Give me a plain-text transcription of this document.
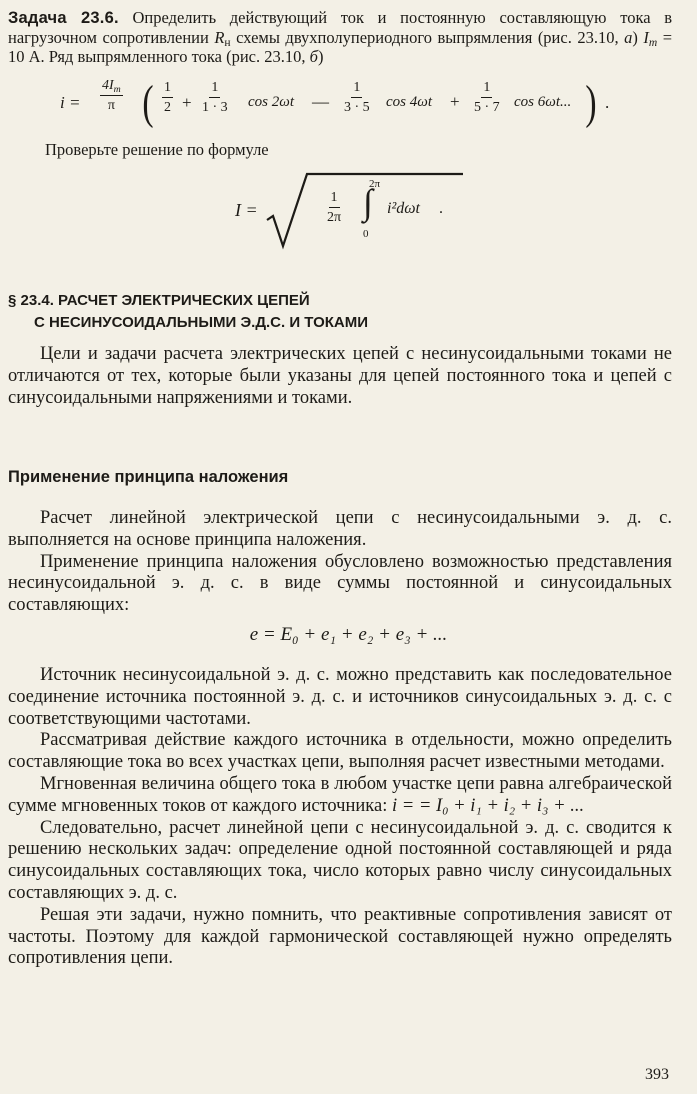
Задача 23.6. Определить действующий ток и постоянную составляющую тока в нагрузочном сопротивлении $R_н$ схемы двухполупериодного выпрямления (рис. 23.10, а) $I_m = 10$ А. Ряд выпрямленного тока (рис. 23.10, б)
$i = \frac{4I_m}{\pi}$ ( $\frac{1}{2} + \frac{1}{1 \cdot 3}$ cos 2ωt — $\frac{1}{3 \cdot 5}$ $\cos 4\omega t + \frac{1}{5 \cdot 7}$ cos 6ωt... ) .
Проверьте решение по формуле
I =	$\frac{1}{2\pi}$
2π
∫
0
i²dωt .
§ 23.4. РАСЧЕТ ЭЛЕКТРИЧЕСКИХ ЦЕПЕЙ
С НЕСИНУСОИДАЛЬНЫМИ Э.Д.С. И ТОКАМИ

Цели и задачи расчета электрических цепей с несинусоидальными токами не отличаются от тех, которые были указаны для цепей постоянного тока и цепей с синусоидальными напряжениями и токами.

Применение принципа наложения

Расчет линейной электрической цепи с несинусоидальными э. д. с. выполняется на основе принципа наложения.

Применение принципа наложения обусловлено возможностью представления несинусоидальной э. д. с. в виде суммы постоянной и синусоидальных составляющих:

e = E₀ + e₁ + e₂ + e₃ + ...

Источник несинусоидальной э. д. с. можно представить как последовательное соединение источника постоянной э. д. с. и источников синусоидальных э. д. с. с соответствующими частотами.

Рассматривая действие каждого источника в отдельности, можно определить составляющие тока во всех участках цепи, выполняя расчет известными методами.

Мгновенная величина общего тока в любом участке цепи равна алгебраической сумме мгновенных токов от каждого источника: i = = I₀ + i₁ + i₂ + i₃ + ...

Следовательно, расчет линейной цепи с несинусоидальной э. д. с. сводится к решению нескольких задач: определение одной постоянной составляющей и ряда синусоидальных составляющих тока, число которых равно числу синусоидальных составляющих э. д. с.

Решая эти задачи, нужно помнить, что реактивные сопротивления зависят от частоты. Поэтому для каждой гармонической составляющей нужно определять сопротивления цепи.

393
